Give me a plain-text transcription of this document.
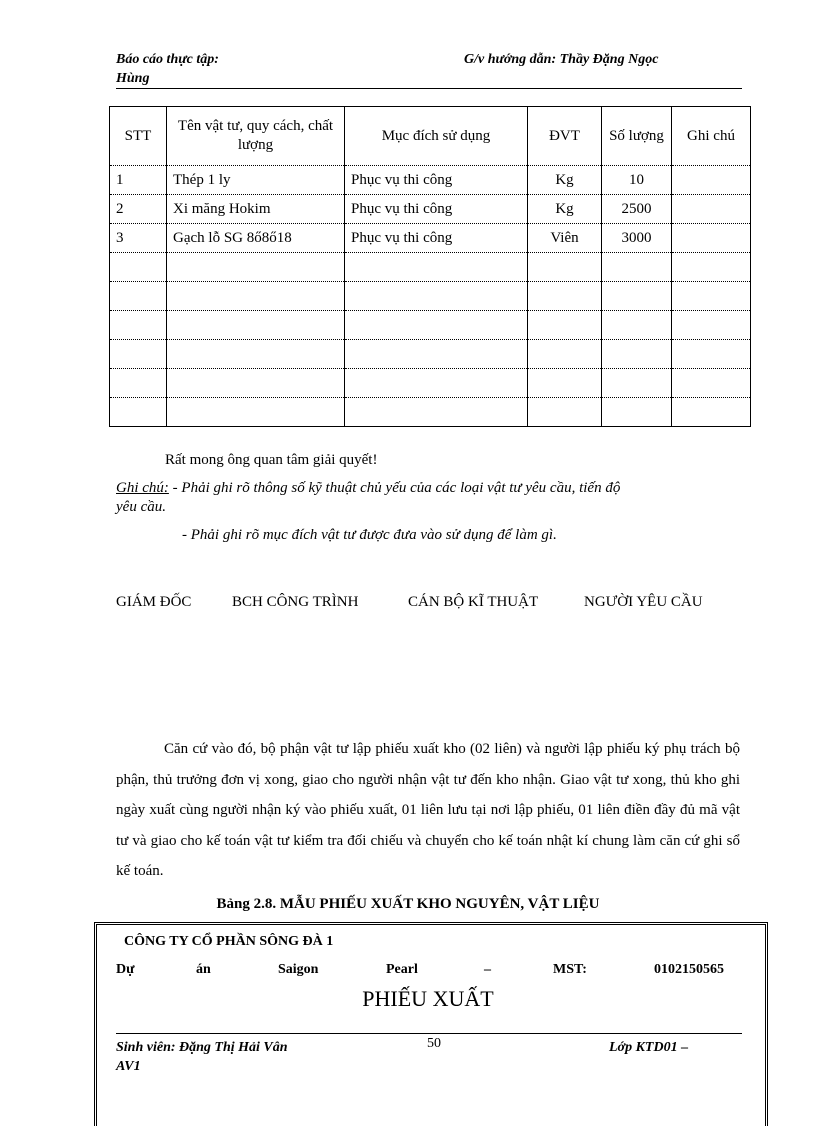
Báo cáo thực tập:	G/v hướng dẫn: Thầy Đặng Ngọc
Hùng
STT	Tên vật tư, quy cách, chất lượng	Mục đích sử dụng	ĐVT	Số lượng	Ghi chú
1	Thép 1 ly	Phục vụ thi công	Kg	10	
2	Xi măng Hokim	Phục vụ thi công	Kg	2500	
3	Gạch lỗ SG 8ő8ő18	Phục vụ thi công	Viên	3000	

Rất mong ông quan tâm giải quyết!
Ghi chú: - Phải ghi rõ thông số kỹ thuật chủ yếu của các loại vật tư yêu cầu, tiến độ
yêu cầu.
- Phải ghi rõ mục đích vật tư được đưa vào sử dụng để làm gì.
GIÁM ĐỐC	BCH CÔNG TRÌNH	CÁN BỘ KĨ THUẬT	NGƯỜI YÊU CẦU
Căn cứ vào đó, bộ phận vật tư lập phiếu xuất kho (02 liên) và người lập phiếu ký phụ trách bộ phận, thủ trưởng đơn vị xong, giao cho người nhận vật tư đến kho nhận. Giao vật tư xong, thủ kho ghi ngày xuất cùng người nhận ký vào phiếu xuất, 01 liên lưu tại nơi lập phiếu, 01 liên điền đầy đủ mã vật tư và giao cho kế toán vật tư kiểm tra đối chiếu và chuyển cho kế toán nhật kí chung làm căn cứ ghi sổ kế toán.
Bảng 2.8. MẪU PHIẾU XUẤT KHO NGUYÊN, VẬT LIỆU
CÔNG TY CỔ PHẦN SÔNG ĐÀ 1
Dự	án	Saigon	Pearl	–	MST:	0102150565
PHIẾU XUẤT
Sinh viên: Đặng Thị Hải Vân
AV1
50	Lớp KTD01 –
